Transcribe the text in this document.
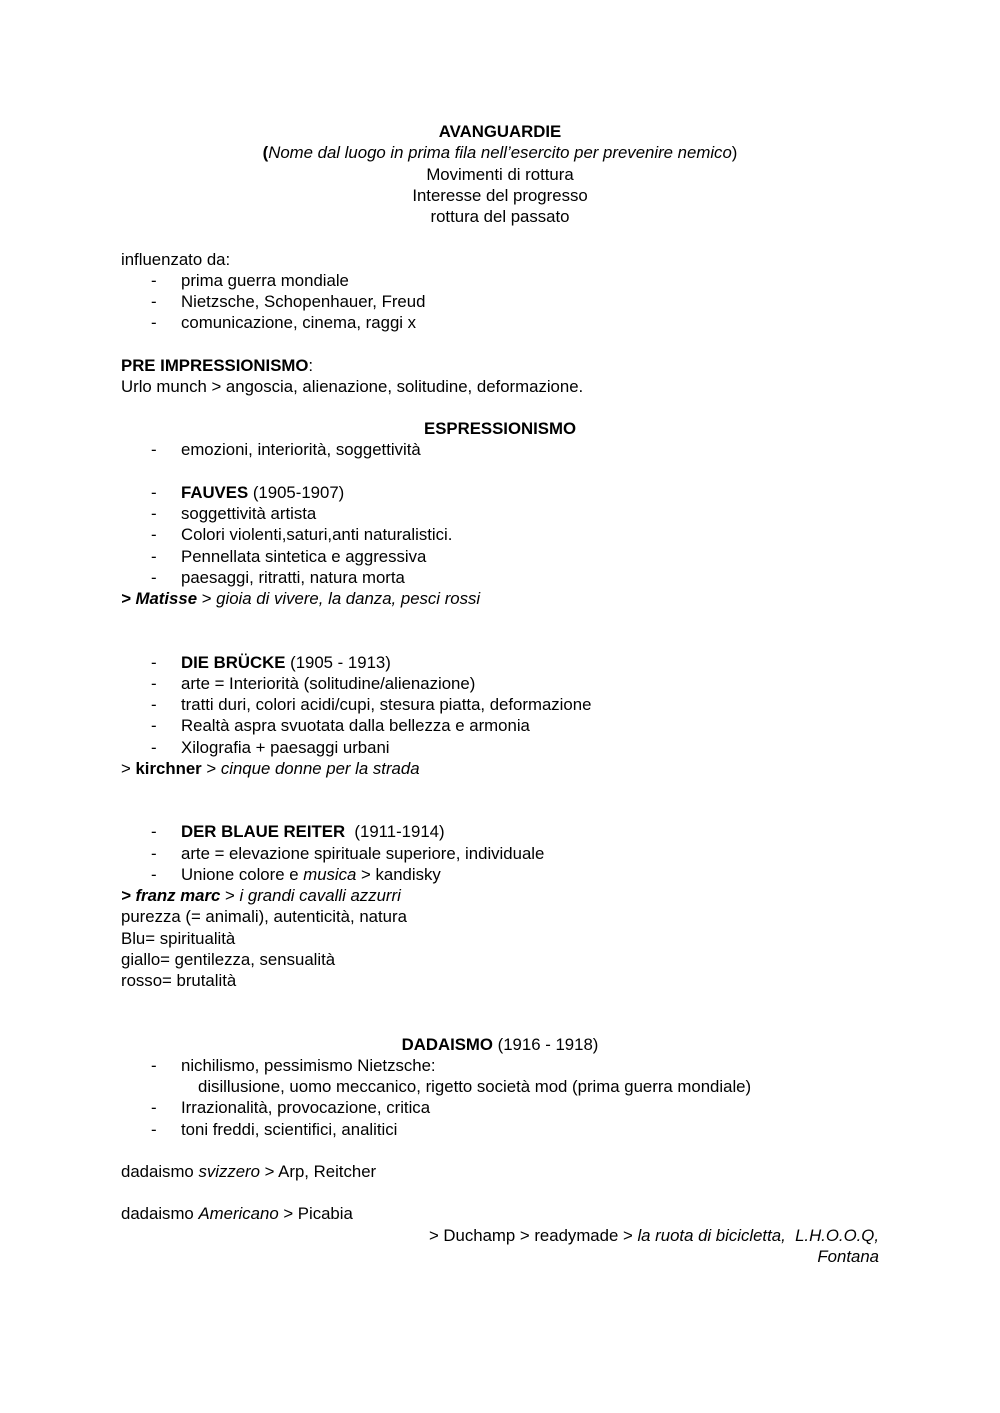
AVANGUARDIE
(Nome dal luogo in prima fila nell’esercito per prevenire nemico)
Movimenti di rottura
Interesse del progresso
rottura del passato
influenzato da:
- prima guerra mondiale
- Nietzsche, Schopenhauer, Freud
- comunicazione, cinema, raggi x
PRE IMPRESSIONISMO:
Urlo munch > angoscia, alienazione, solitudine, deformazione.
ESPRESSIONISMO
- emozioni, interiorità, soggettività
- FAUVES (1905-1907)
- soggettività artista
- Colori violenti,saturi,anti naturalistici.
- Pennellata sintetica e aggressiva
- paesaggi, ritratti, natura morta
> Matisse > gioia di vivere, la danza, pesci rossi
- DIE BRÜCKE (1905 - 1913)
- arte = Interiorità (solitudine/alienazione)
- tratti duri, colori acidi/cupi, stesura piatta, deformazione
- Realtà aspra svuotata dalla bellezza e armonia
- Xilografia + paesaggi urbani
> kirchner > cinque donne per la strada
- DER BLAUE REITER  (1911-1914)
- arte = elevazione spirituale superiore, individuale
- Unione colore e musica > kandisky
> franz marc > i grandi cavalli azzurri
purezza (= animali), autenticità, natura
Blu= spiritualità
giallo= gentilezza, sensualità
rosso= brutalità
DADAISMO (1916 - 1918)
- nichilismo, pessimismo Nietzsche:
disillusione, uomo meccanico, rigetto società mod (prima guerra mondiale)
- Irrazionalità, provocazione, critica
- toni freddi, scientifici, analitici
dadaismo svizzero > Arp, Reitcher
dadaismo Americano > Picabia
> Duchamp > readymade > la ruota di bicicletta,  L.H.O.O.Q,
Fontana
